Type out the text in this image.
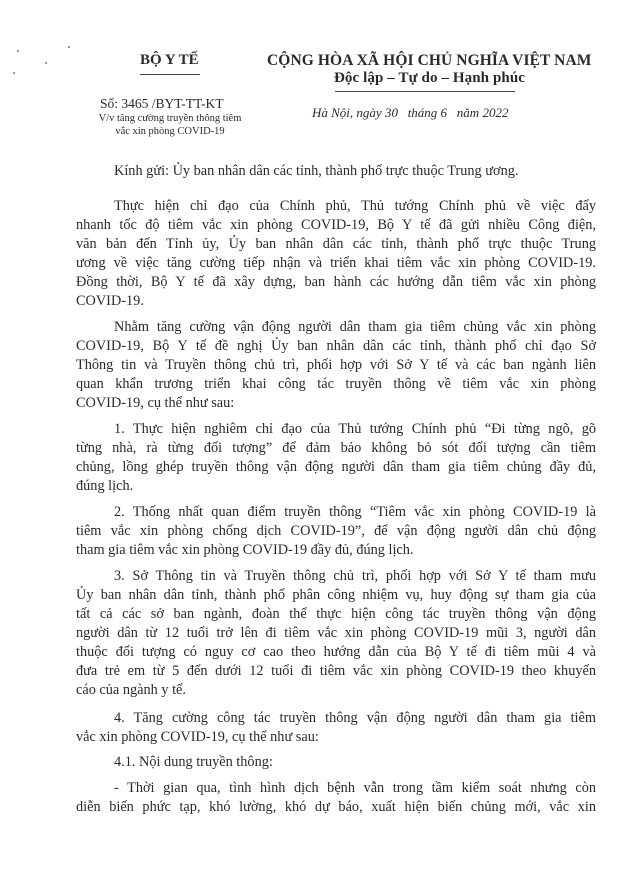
BỘ Y TẾ
Số: 3465 /BYT-TT-KT
V/v tăng cường truyền thông tiêm
vắc xin phòng COVID-19
CỘNG HÒA XÃ HỘI CHỦ NGHĨA VIỆT NAM
Độc lập – Tự do – Hạnh phúc
Hà Nội, ngày 30   tháng 6   năm 2022
Kính gửi: Ủy ban nhân dân các tỉnh, thành phố trực thuộc Trung ương.
Thực hiện chỉ đạo của Chính phủ, Thủ tướng Chính phủ về việc đẩy
nhanh tốc độ tiêm vắc xin phòng COVID-19, Bộ Y tế đã gửi nhiều Công điện,
văn bản đến Tỉnh ủy, Ủy ban nhân dân các tỉnh, thành phố trực thuộc Trung
ương về việc tăng cường tiếp nhận và triển khai tiêm vắc xin phòng COVID-19.
Đồng thời, Bộ Y tế đã xây dựng, ban hành các hướng dẫn tiêm vắc xin phòng
COVID-19.
Nhằm tăng cường vận động người dân tham gia tiêm chủng vắc xin phòng
COVID-19, Bộ Y tế đề nghị Ủy ban nhân dân các tỉnh, thành phố chỉ đạo Sở
Thông tin và Truyền thông chủ trì, phối hợp với Sở Y tế và các ban ngành liên
quan khẩn trương triển khai công tác truyền thông về tiêm vắc xin phòng
COVID-19, cụ thể như sau:
1. Thực hiện nghiêm chỉ đạo của Thủ tướng Chính phủ “Đi từng ngõ, gõ
từng nhà, rà từng đối tượng” để đảm bảo không bỏ sót đối tượng cần tiêm
chủng, lồng ghép truyền thông vận động người dân tham gia tiêm chủng đầy đủ,
đúng lịch.
2. Thống nhất quan điểm truyền thông “Tiêm vắc xin phòng COVID-19 là
tiêm vắc xin phòng chống dịch COVID-19”, để vận động người dân chủ động
tham gia tiêm vắc xin phòng COVID-19 đầy đủ, đúng lịch.
3. Sở Thông tin và Truyền thông chủ trì, phối hợp với Sở Y tế tham mưu
Ủy ban nhân dân tỉnh, thành phố phân công nhiệm vụ, huy động sự tham gia của
tất cả các sở ban ngành, đoàn thể thực hiện công tác truyền thông vận động
người dân từ 12 tuổi trở lên đi tiêm vắc xin phòng COVID-19 mũi 3, người dân
thuộc đối tượng có nguy cơ cao theo hướng dẫn của Bộ Y tế đi tiêm mũi 4 và
đưa trẻ em từ 5 đến dưới 12 tuổi đi tiêm vắc xin phòng COVID-19 theo khuyến
cáo của ngành y tế.
4. Tăng cường công tác truyền thông vận động người dân tham gia tiêm
vắc xin phòng COVID-19, cụ thể như sau:
4.1. Nội dung truyền thông:
- Thời gian qua, tình hình dịch bệnh vẫn trong tầm kiểm soát nhưng còn
diễn biến phức tạp, khó lường, khó dự báo, xuất hiện biến chủng mới, vắc xin
